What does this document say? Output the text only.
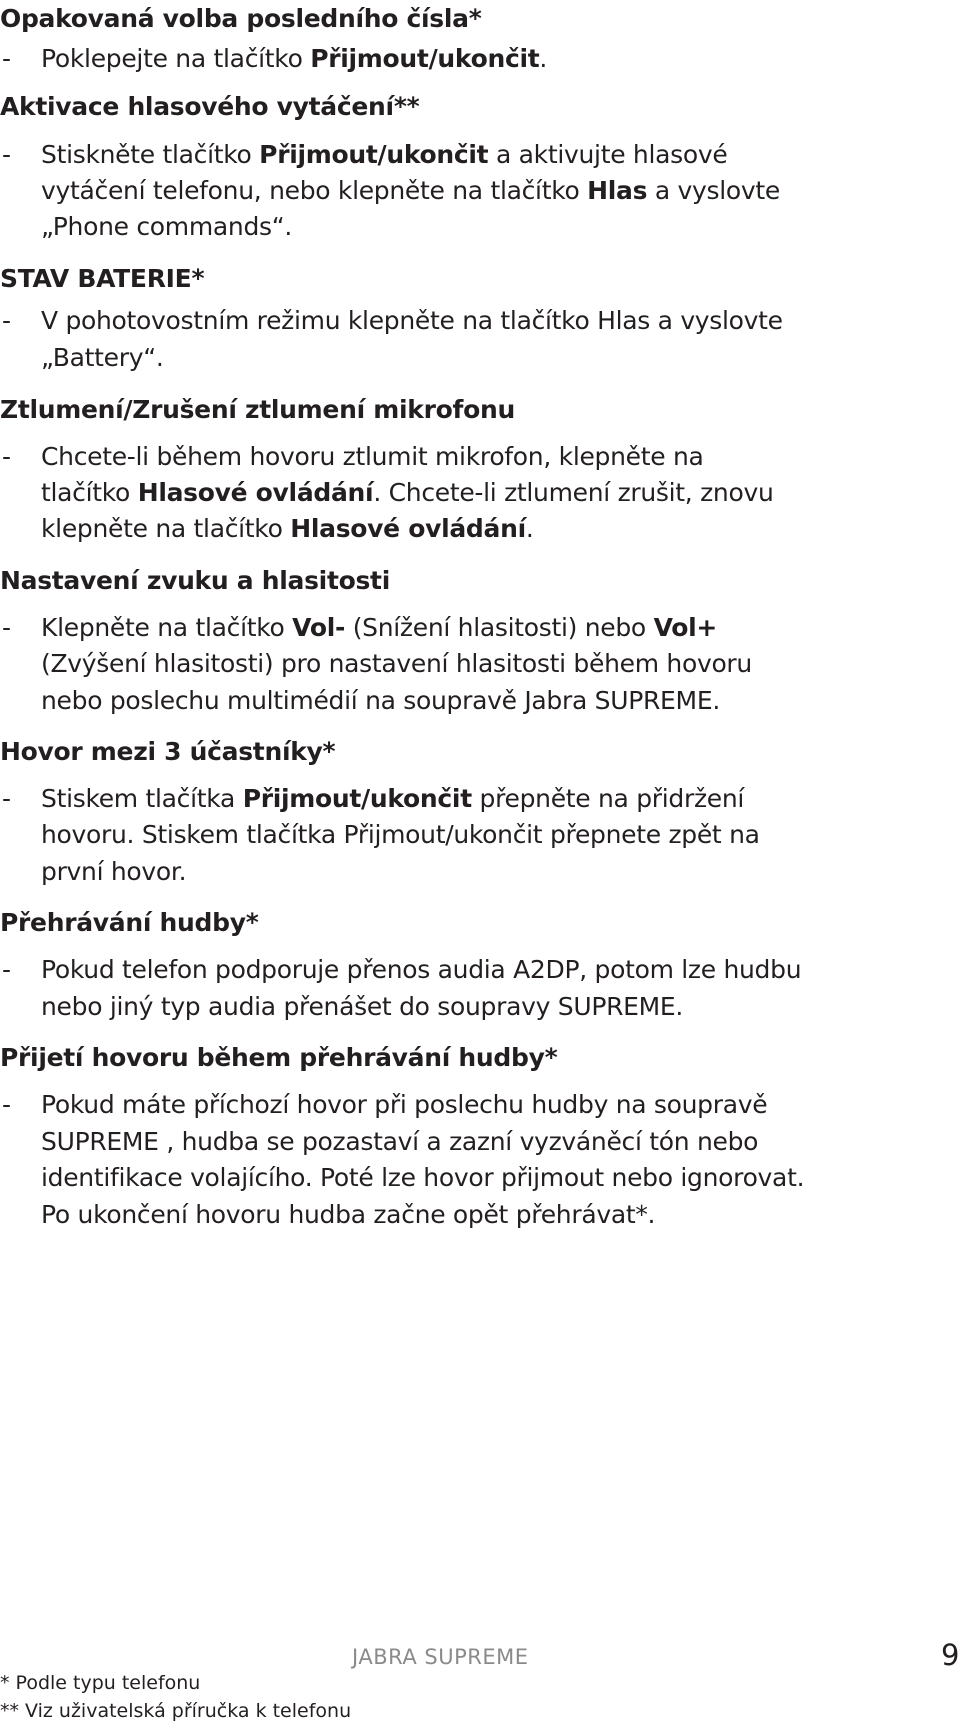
Opakovaná volba posledního čísla*
- Poklepejte na tlačítko Přijmout/ukončit.
Aktivace hlasového vytáčení**
- Stiskněte tlačítko Přijmout/ukončit a aktivujte hlasové
vytáčení telefonu, nebo klepněte na tlačítko Hlas a vyslovte
„Phone commands“.
STAV BATERIE*
- V pohotovostním režimu klepněte na tlačítko Hlas a vyslovte
„Battery“.
Ztlumení/Zrušení ztlumení mikrofonu
- Chcete-li během hovoru ztlumit mikrofon, klepněte na
tlačítko Hlasové ovládání. Chcete-li ztlumení zrušit, znovu
klepněte na tlačítko Hlasové ovládání.
Nastavení zvuku a hlasitosti
- Klepněte na tlačítko Vol- (Snížení hlasitosti) nebo Vol+
(Zvýšení hlasitosti) pro nastavení hlasitosti během hovoru
nebo poslechu multimédií na soupravě Jabra SUPREME.
Hovor mezi 3 účastníky*
- Stiskem tlačítka Přijmout/ukončit přepněte na přidržení
hovoru. Stiskem tlačítka Přijmout/ukončit přepnete zpět na
první hovor.
Přehrávání hudby*
- Pokud telefon podporuje přenos audia A2DP, potom lze hudbu
nebo jiný typ audia přenášet do soupravy SUPREME.
Přijetí hovoru během přehrávání hudby*
- Pokud máte příchozí hovor při poslechu hudby na soupravě
SUPREME , hudba se pozastaví a zazní vyzváněcí tón nebo
identifikace volajícího. Poté lze hovor přijmout nebo ignorovat.
Po ukončení hovoru hudba začne opět přehrávat*.
JABRA SUPREME	9
* Podle typu telefonu
** Viz uživatelská příručka k telefonu
